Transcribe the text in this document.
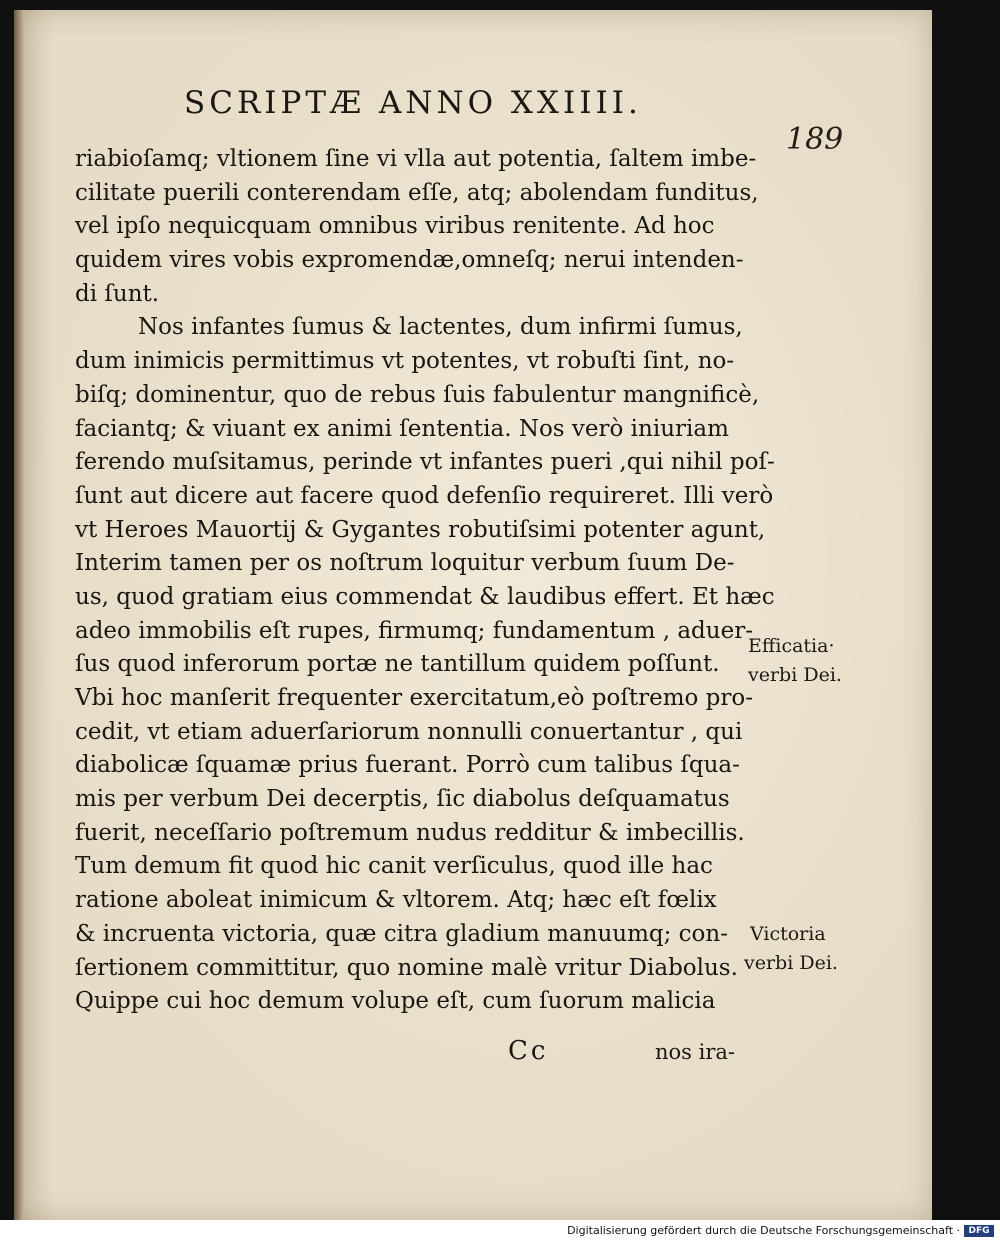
SCRIPTÆ ANNO XXIIII.
189
riabioſamq; vltionem ſine vi vlla aut potentia, ſaltem imbe-
cilitate puerili conterendam eſſe, atq; abolendam funditus,
vel ipſo nequicquam omnibus viribus renitente. Ad hoc
quidem vires vobis expromendæ,omneſq; nerui intenden-
di ſunt.
Nos infantes ſumus & lactentes, dum infirmi ſumus,
dum inimicis permittimus vt potentes, vt robuſti ſint, no-
biſq; dominentur, quo de rebus ſuis fabulentur mangnificè,
faciantq; & viuant ex animi ſententia. Nos verò iniuriam
ferendo muſsitamus, perinde vt infantes pueri ,qui nihil poſ-
ſunt aut dicere aut facere quod defenſio requireret. Illi verò
vt Heroes Mauortij & Gygantes robutiſsimi potenter agunt,
Interim tamen per os noſtrum loquitur verbum ſuum De-
us, quod gratiam eius commendat & laudibus effert. Et hæc
adeo immobilis eſt rupes, firmumq; fundamentum , aduer-
ſus quod inferorum portæ ne tantillum quidem poſſunt.
Vbi hoc manſerit frequenter exercitatum,eò poſtremo pro-
cedit, vt etiam aduerſariorum nonnulli conuertantur , qui
diabolicæ ſquamæ prius fuerant. Porrò cum talibus ſqua-
mis per verbum Dei decerptis, ſic diabolus deſquamatus
fuerit, neceſſario poſtremum nudus redditur & imbecillis.
Tum demum fit quod hic canit verſiculus, quod ille hac
ratione aboleat inimicum & vltorem. Atq; hæc eſt fœlix
& incruenta victoria, quæ citra gladium manuumq; con-
ſertionem committitur, quo nomine malè vritur Diabolus.
Quippe cui hoc demum volupe eſt, cum ſuorum malicia
Efficatia·
verbi Dei.
Victoria
verbi Dei.
Cc	nos ira-
Digitalisierung gefördert durch die Deutsche Forschungsgemeinschaft · DFG
